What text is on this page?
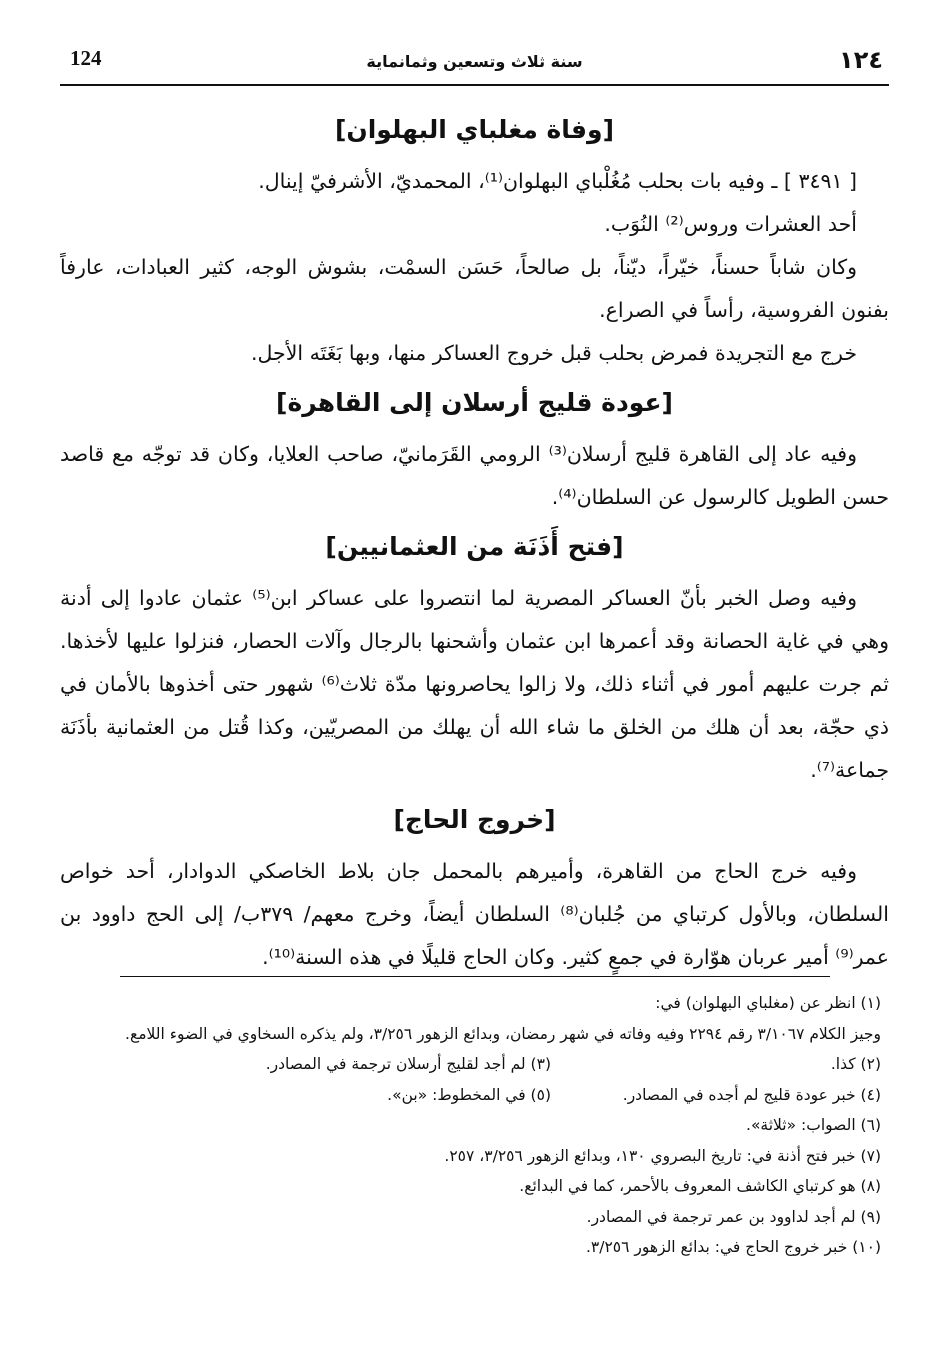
124	سنة ثلاث وتسعين وثمانماية	١٢٤
[وفاة مغلباي البهلوان]

[ ٣٤٩١ ] ـ وفيه بات بحلب مُغُلْباي البهلوان⁽¹⁾، المحمديّ، الأشرفيّ إينال.

أحد العشرات وروس⁽²⁾ النُوَب.

وكان شاباً حسناً، خيّراً، ديّناً، بل صالحاً، حَسَن السمْت، بشوش الوجه، كثير العبادات، عارفاً بفنون الفروسية، رأساً في الصراع.

خرج مع التجريدة فمرض بحلب قبل خروج العساكر منها، وبها بَغَتَه الأجل.

[عودة قليج أرسلان إلى القاهرة]

وفيه عاد إلى القاهرة قليج أرسلان⁽³⁾ الرومي القَرَمانيّ، صاحب العلايا، وكان قد توجّه مع قاصد حسن الطويل كالرسول عن السلطان⁽⁴⁾.

[فتح أَذَنَة من العثمانيين]

وفيه وصل الخبر بأنّ العساكر المصرية لما انتصروا على عساكر ابن⁽⁵⁾ عثمان عادوا إلى أدنة وهي في غاية الحصانة وقد أعمرها ابن عثمان وأشحنها بالرجال وآلات الحصار، فنزلوا عليها لأخذها. ثم جرت عليهم أمور في أثناء ذلك، ولا زالوا يحاصرونها مدّة ثلاث⁽⁶⁾ شهور حتى أخذوها بالأمان في ذي حجّة، بعد أن هلك من الخلق ما شاء الله أن يهلك من المصريّين، وكذا قُتل من العثمانية بأذَنَة جماعة⁽⁷⁾.

[خروج الحاج]

وفيه خرج الحاج من القاهرة، وأميرهم بالمحمل جان بلاط الخاصكي الدوادار، أحد خواص السلطان، وبالأول كرتباي من جُلبان⁽⁸⁾ السلطان أيضاً، وخرج معهم/ ٣٧٩ب/ إلى الحج داوود بن عمر⁽⁹⁾ أمير عربان هوّارة في جمعٍ كثير. وكان الحاج قليلًا في هذه السنة⁽¹⁰⁾.

(١) انظر عن (مغلباي البهلوان) في:

وجيز الكلام ٣/١٠٦٧ رقم ٢٢٩٤ وفيه وفاته في شهر رمضان، وبدائع الزهور ٣/٢٥٦، ولم يذكره السخاوي في الضوء اللامع.

(٢) كذا.
(٣) لم أجد لقليج أرسلان ترجمة في المصادر.
(٤) خبر عودة قليج لم أجده في المصادر.
(٥) في المخطوط: «بن».

(٦) الصواب: «ثلاثة».

(٧) خبر فتح أذنة في: تاريخ البصروي ١٣٠، وبدائع الزهور ٣/٢٥٦، ٢٥٧.

(٨) هو كرتباي الكاشف المعروف بالأحمر، كما في البدائع.

(٩) لم أجد لداوود بن عمر ترجمة في المصادر.

(١٠) خبر خروج الحاج في: بدائع الزهور ٣/٢٥٦.
